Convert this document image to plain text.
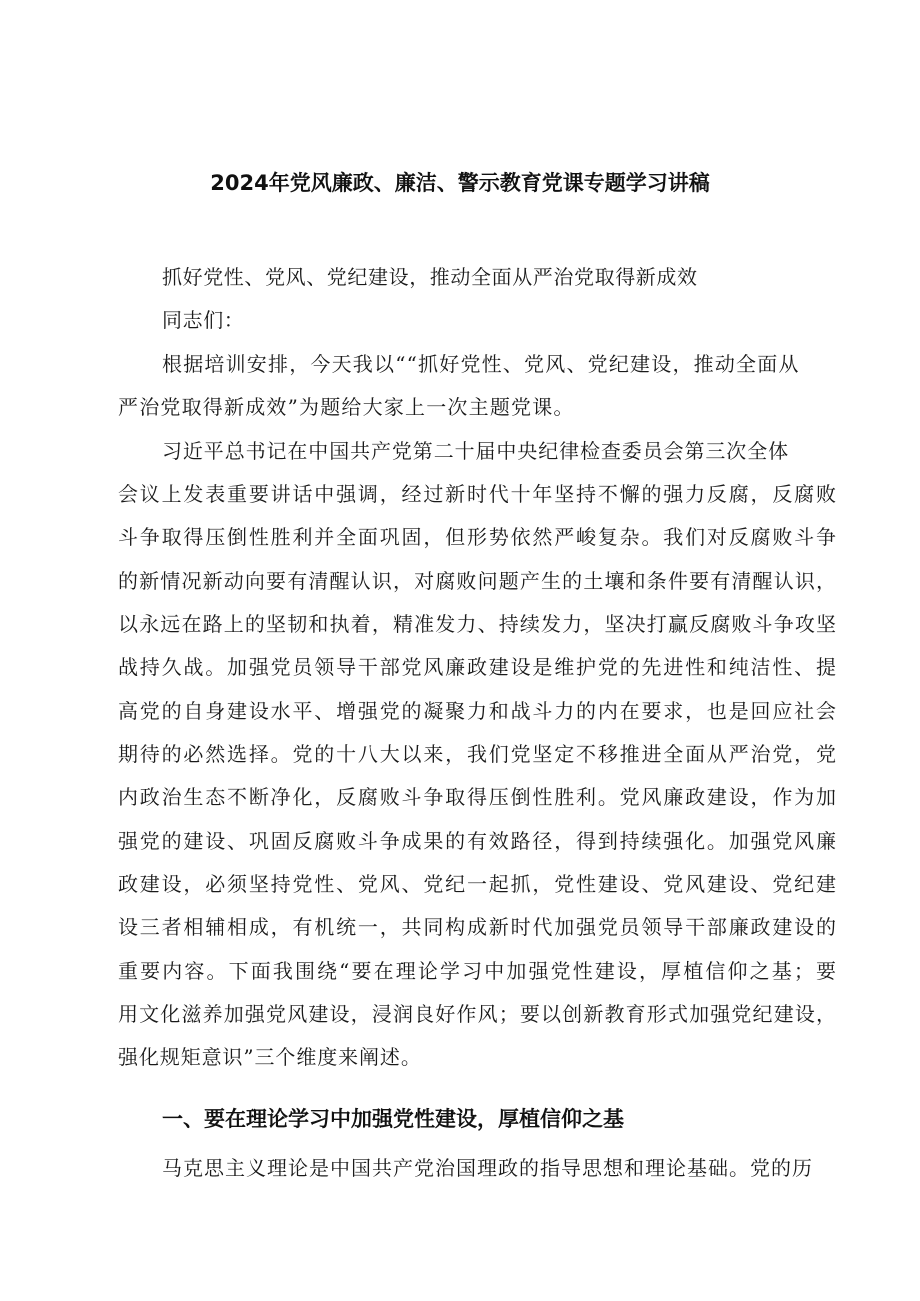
2024年党风廉政、廉洁、警示教育党课专题学习讲稿

抓好党性、党风、党纪建设，推动全面从严治党取得新成效

同志们：

根据培训安排，今天我以““抓好党性、党风、党纪建设，推动全面从

严治党取得新成效”为题给大家上一次主题党课。

习近平总书记在中国共产党第二十届中央纪律检查委员会第三次全体

会议上发表重要讲话中强调，经过新时代十年坚持不懈的强力反腐，反腐败

斗争取得压倒性胜利并全面巩固，但形势依然严峻复杂。我们对反腐败斗争

的新情况新动向要有清醒认识，对腐败问题产生的土壤和条件要有清醒认识，

以永远在路上的坚韧和执着，精准发力、持续发力，坚决打赢反腐败斗争攻坚

战持久战。加强党员领导干部党风廉政建设是维护党的先进性和纯洁性、提

高党的自身建设水平、增强党的凝聚力和战斗力的内在要求，也是回应社会

期待的必然选择。党的十八大以来，我们党坚定不移推进全面从严治党，党

内政治生态不断净化，反腐败斗争取得压倒性胜利。党风廉政建设，作为加

强党的建设、巩固反腐败斗争成果的有效路径，得到持续强化。加强党风廉

政建设，必须坚持党性、党风、党纪一起抓，党性建设、党风建设、党纪建

设三者相辅相成，有机统一，共同构成新时代加强党员领导干部廉政建设的

重要内容。下面我围绕“要在理论学习中加强党性建设，厚植信仰之基；要

用文化滋养加强党风建设，浸润良好作风；要以创新教育形式加强党纪建设，

强化规矩意识”三个维度来阐述。

一、要在理论学习中加强党性建设，厚植信仰之基

马克思主义理论是中国共产党治国理政的指导思想和理论基础。党的历
